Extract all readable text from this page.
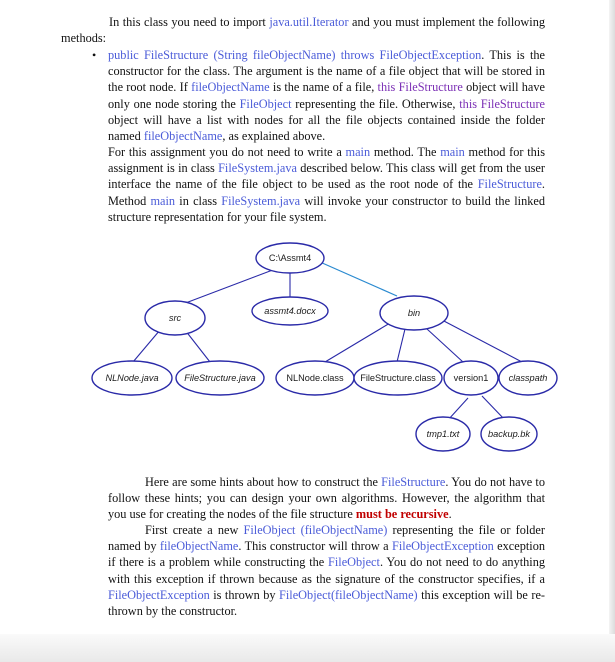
In this class you need to import java.util.Iterator and you must implement the following methods:

• public FileStructure (String fileObjectName) throws FileObjectException. This is the constructor for the class. The argument is the name of a file object that will be stored in the root node. If fileObjectName is the name of a file, this FileStructure object will have only one node storing the FileObject representing the file. Otherwise, this FileStructure object will have a list with nodes for all the file objects contained inside the folder named fileObjectName, as explained above.

For this assignment you do not need to write a main method. The main method for this assignment is in class FileSystem.java described below. This class will get from the user interface the name of the file object to be used as the root node of the FileStructure. Method main in class FileSystem.java will invoke your constructor to build the linked structure representation for your file system.

C:\Assmt4
src
assmt4.docx	bin
NLNode.java	FileStructure.java	NLNode.class FileStructure.class version1 classpath
tmp1.txt	backup.bk

Here are some hints about how to construct the FileStructure. You do not have to follow these hints; you can design your own algorithms. However, the algorithm that you use for creating the nodes of the file structure must be recursive.

First create a new FileObject (fileObjectName) representing the file or folder named by fileObjectName. This constructor will throw a FileObjectException exception if there is a problem while constructing the FileObject. You do not need to do anything with this exception if thrown because as the signature of the constructor specifies, if a FileObjectException is thrown by FileObject(fileObjectName) this exception will be re-thrown by the constructor.
